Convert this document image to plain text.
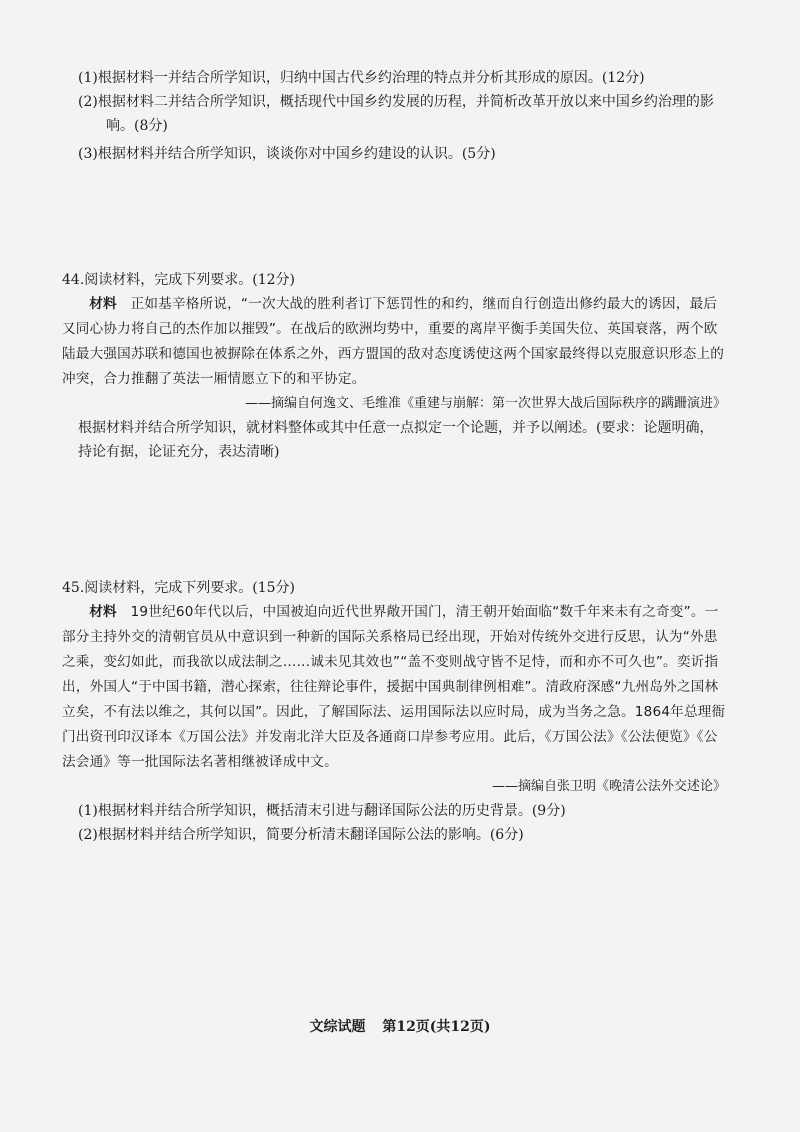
(1)根据材料一并结合所学知识，归纳中国古代乡约治理的特点并分析其形成的原因。(12分)

(2)根据材料二并结合所学知识，概括现代中国乡约发展的历程，并简析改革开放以来中国乡约治理的影响。(8分)

(3)根据材料并结合所学知识，谈谈你对中国乡约建设的认识。(5分)

44.阅读材料，完成下列要求。(12分)

材料  正如基辛格所说，“一次大战的胜利者订下惩罚性的和约，继而自行创造出修约最大的诱因，最后又同心协力将自己的杰作加以摧毁”。在战后的欧洲均势中，重要的离岸平衡手美国失位、英国衰落，两个欧陆最大强国苏联和德国也被摒除在体系之外，西方盟国的敌对态度诱使这两个国家最终得以克服意识形态上的冲突，合力推翻了英法一厢情愿立下的和平协定。

——摘编自何逸文、毛维准《重建与崩解：第一次世界大战后国际秩序的蹒跚演进》

根据材料并结合所学知识，就材料整体或其中任意一点拟定一个论题，并予以阐述。(要求：论题明确，持论有据，论证充分，表达清晰)

45.阅读材料，完成下列要求。(15分)

材料  19世纪60年代以后，中国被迫向近代世界敞开国门，清王朝开始面临“数千年来未有之奇变”。一部分主持外交的清朝官员从中意识到一种新的国际关系格局已经出现，开始对传统外交进行反思，认为“外患之乘，变幻如此，而我欲以成法制之……诚未见其效也”“盖不变则战守皆不足恃，而和亦不可久也”。奕䜣指出，外国人“于中国书籍，潜心探索，往往辩论事件，援据中国典制律例相难”。清政府深感“九州岛外之国林立矣，不有法以维之，其何以国”。因此，了解国际法、运用国际法以应时局，成为当务之急。1864年总理衙门出资刊印汉译本《万国公法》并发南北洋大臣及各通商口岸参考应用。此后，《万国公法》《公法便览》《公法会通》等一批国际法名著相继被译成中文。

——摘编自张卫明《晚清公法外交述论》

(1)根据材料并结合所学知识，概括清末引进与翻译国际公法的历史背景。(9分)

(2)根据材料并结合所学知识，简要分析清末翻译国际公法的影响。(6分)

文综试题 第12页(共12页)
